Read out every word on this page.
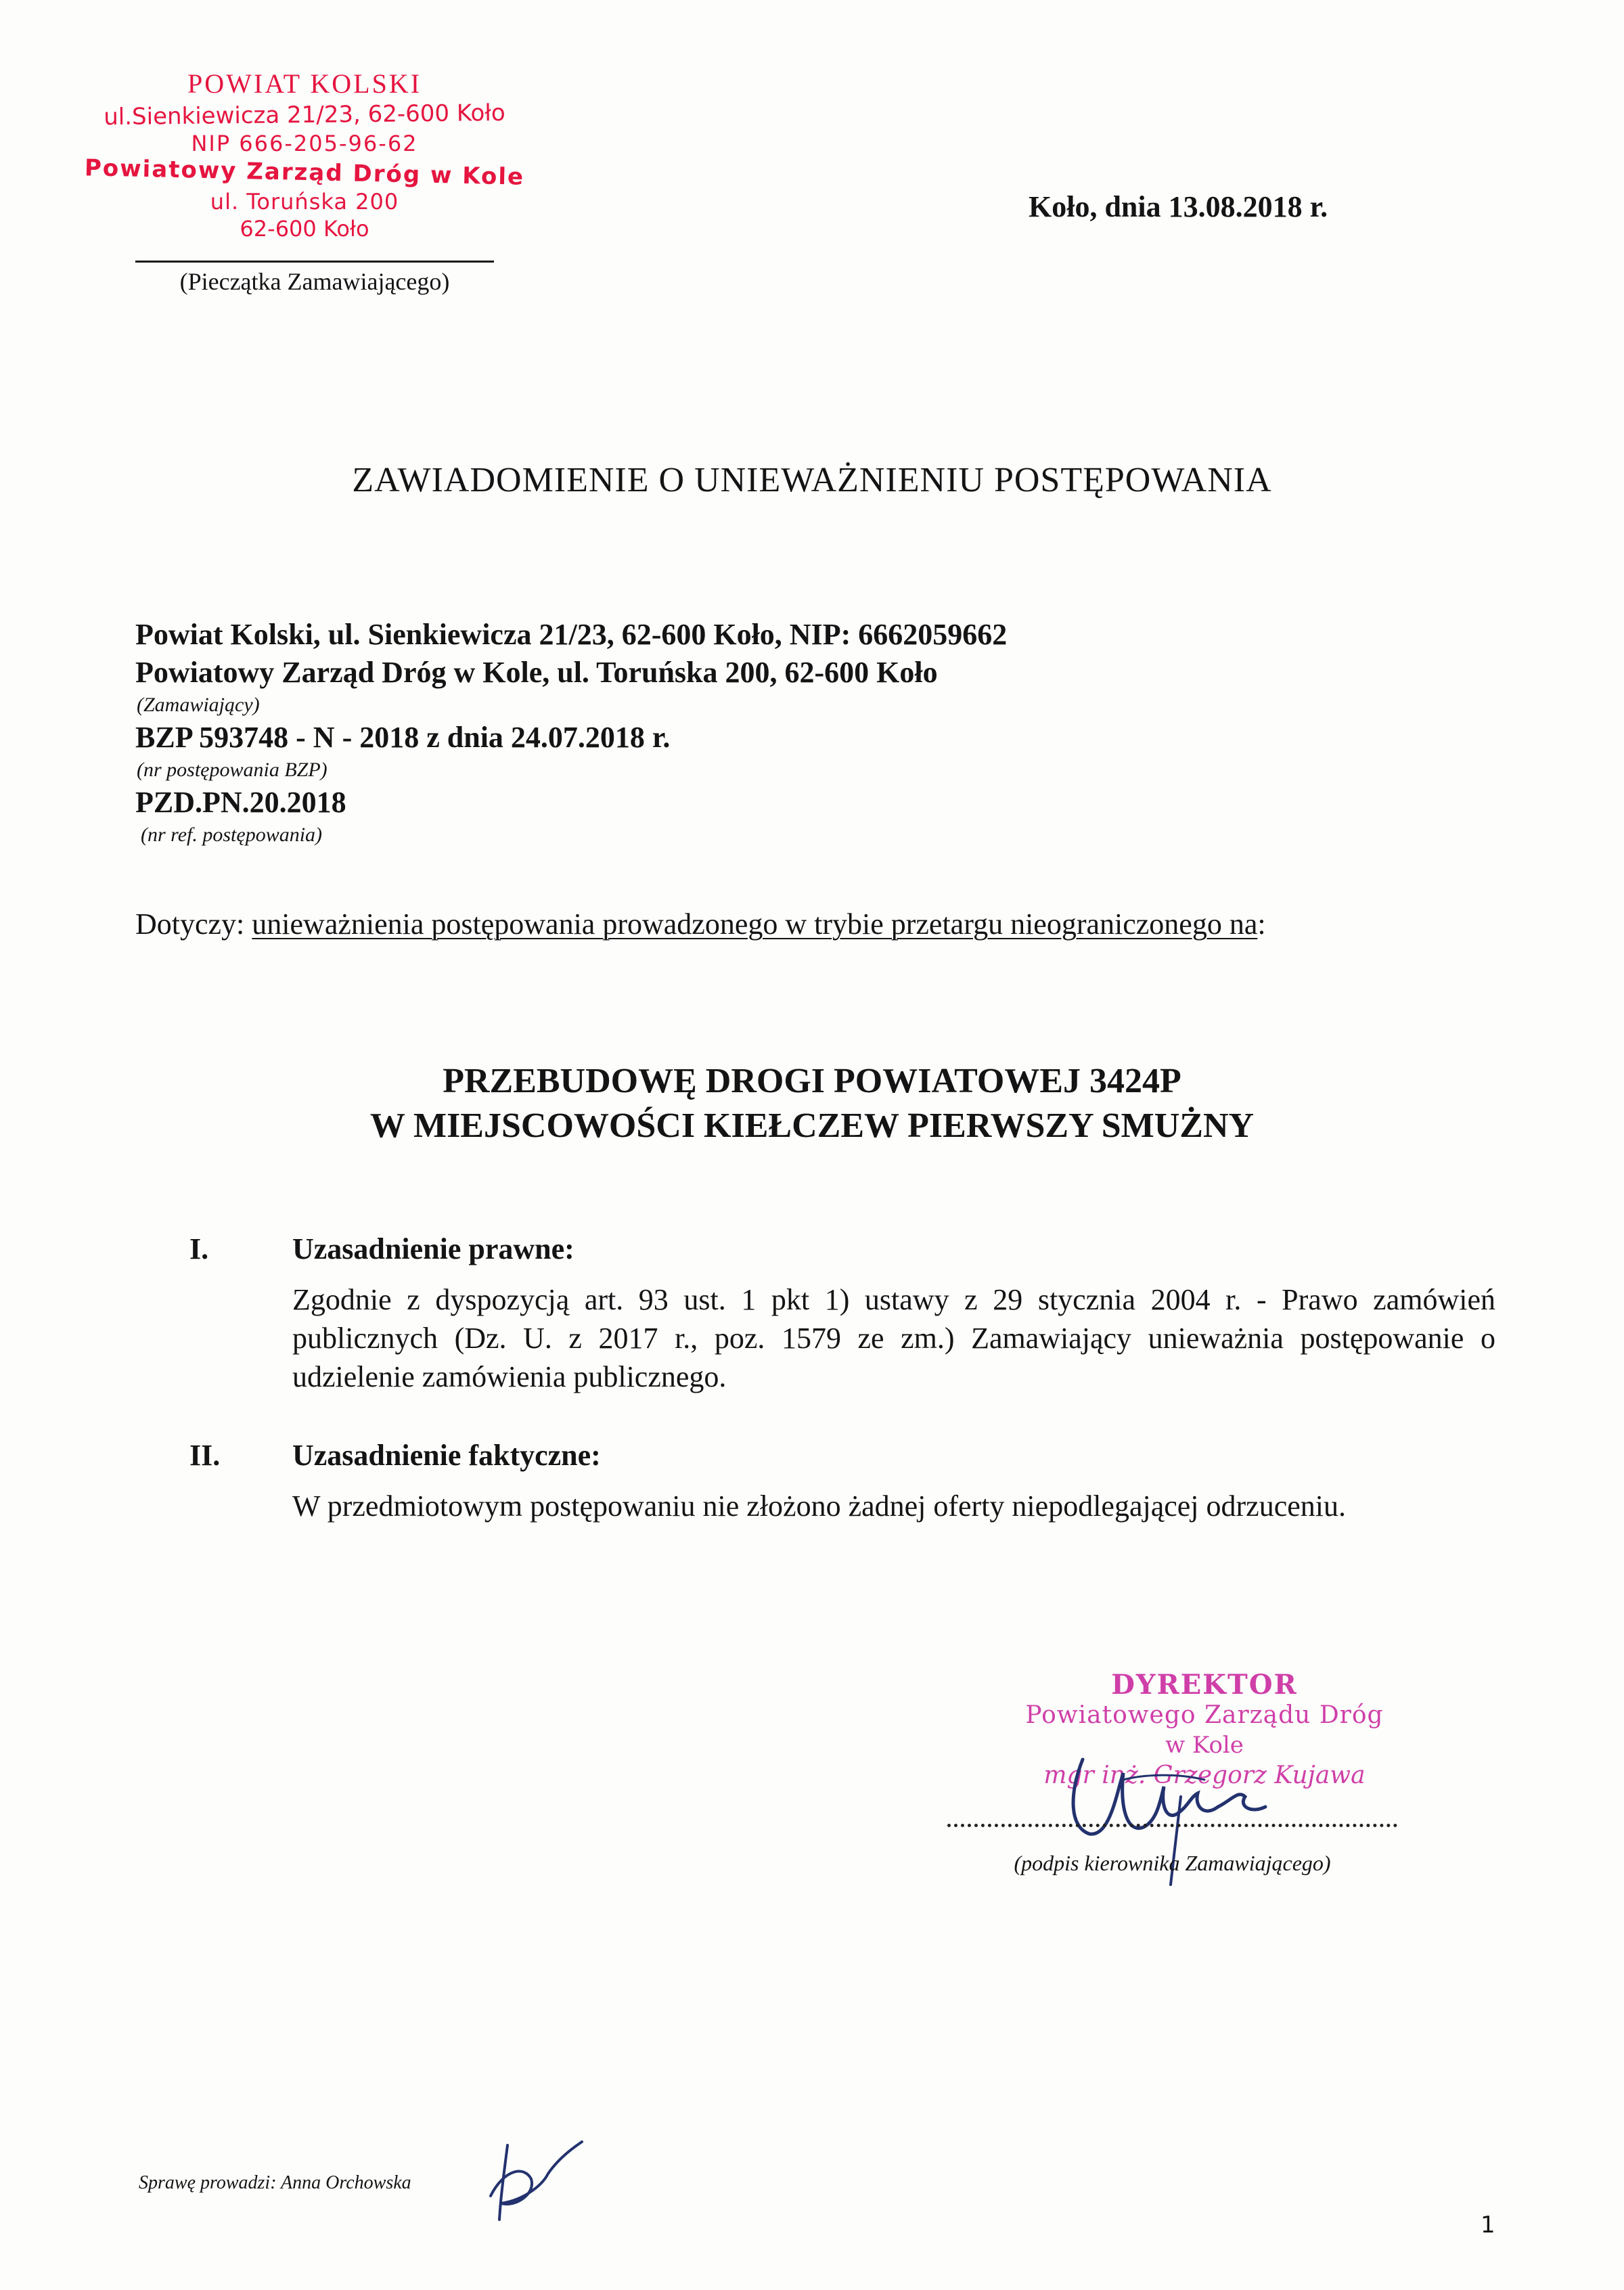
POWIAT KOLSKI
ul.Sienkiewicza 21/23, 62-600 Koło
NIP 666-205-96-62
Powiatowy Zarząd Dróg w Kole
ul. Toruńska 200
62-600 Koło
(Pieczątka Zamawiającego)
Koło, dnia 13.08.2018 r.
ZAWIADOMIENIE O UNIEWAŻNIENIU POSTĘPOWANIA
Powiat Kolski, ul. Sienkiewicza 21/23, 62-600 Koło, NIP: 6662059662
Powiatowy Zarząd Dróg w Kole, ul. Toruńska 200, 62-600 Koło
(Zamawiający)
BZP 593748 - N - 2018 z dnia 24.07.2018 r.
(nr postępowania BZP)
PZD.PN.20.2018
(nr ref. postępowania)
Dotyczy: unieważnienia postępowania prowadzonego w trybie przetargu nieograniczonego na:
PRZEBUDOWĘ DROGI POWIATOWEJ 3424P
W MIEJSCOWOŚCI KIEŁCZEW PIERWSZY SMUŻNY
I.	Uzasadnienie prawne:
Zgodnie z dyspozycją art. 93 ust. 1 pkt 1) ustawy z 29 stycznia 2004 r. - Prawo zamówień publicznych (Dz. U. z 2017 r., poz. 1579 ze zm.) Zamawiający unieważnia postępowanie o udzielenie zamówienia publicznego.
II. Uzasadnienie faktyczne:
W przedmiotowym postępowaniu nie złożono żadnej oferty niepodlegającej odrzuceniu.
DYREKTOR
Powiatowego Zarządu Dróg
w Kole
mgr inż. Grzegorz Kujawa
(podpis kierownika Zamawiającego)
Sprawę prowadzi: Anna Orchowska
1
